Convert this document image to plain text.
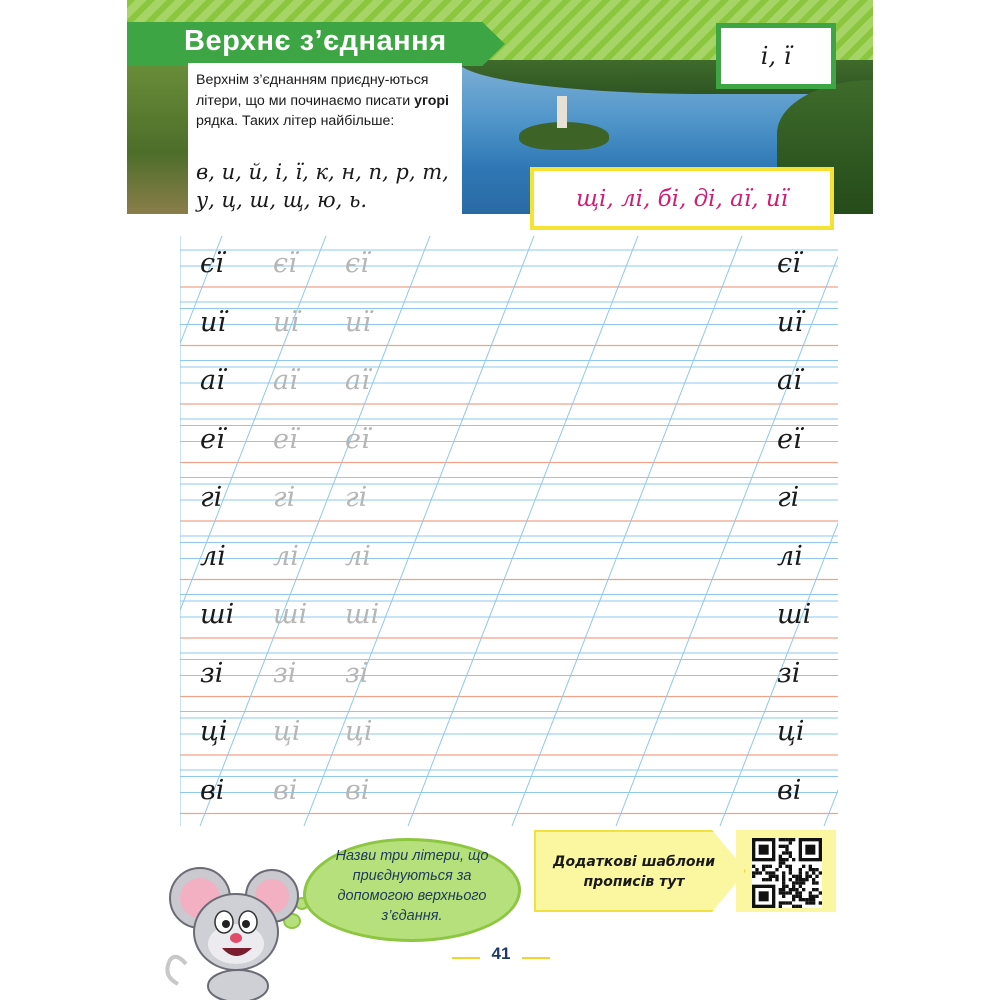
Верхнє з’єднання
Верхнім з’єднанням приєдну-ються літери, що ми починаємо писати угорі рядка. Таких літер найбільше:
в, и, й, і, ї, к, н, п, р, т, у, ц, ш, щ, ю, ь.
і, ї
щі, лі, бі, ді, аї, иї
єї єї єї	єї
иї иї иї	иї
аї аї аї	аї
еї еї еї	еї
гі гі гі	гі
лі лі лі	лі
ші ші ші	ші
зі зі зі	зі
ці ці ці	ці
ві ві ві	ві
Назви три літери, що приєднуються за допомогою верхнього з’єдання.
Додаткові шаблони прописів тут
41
